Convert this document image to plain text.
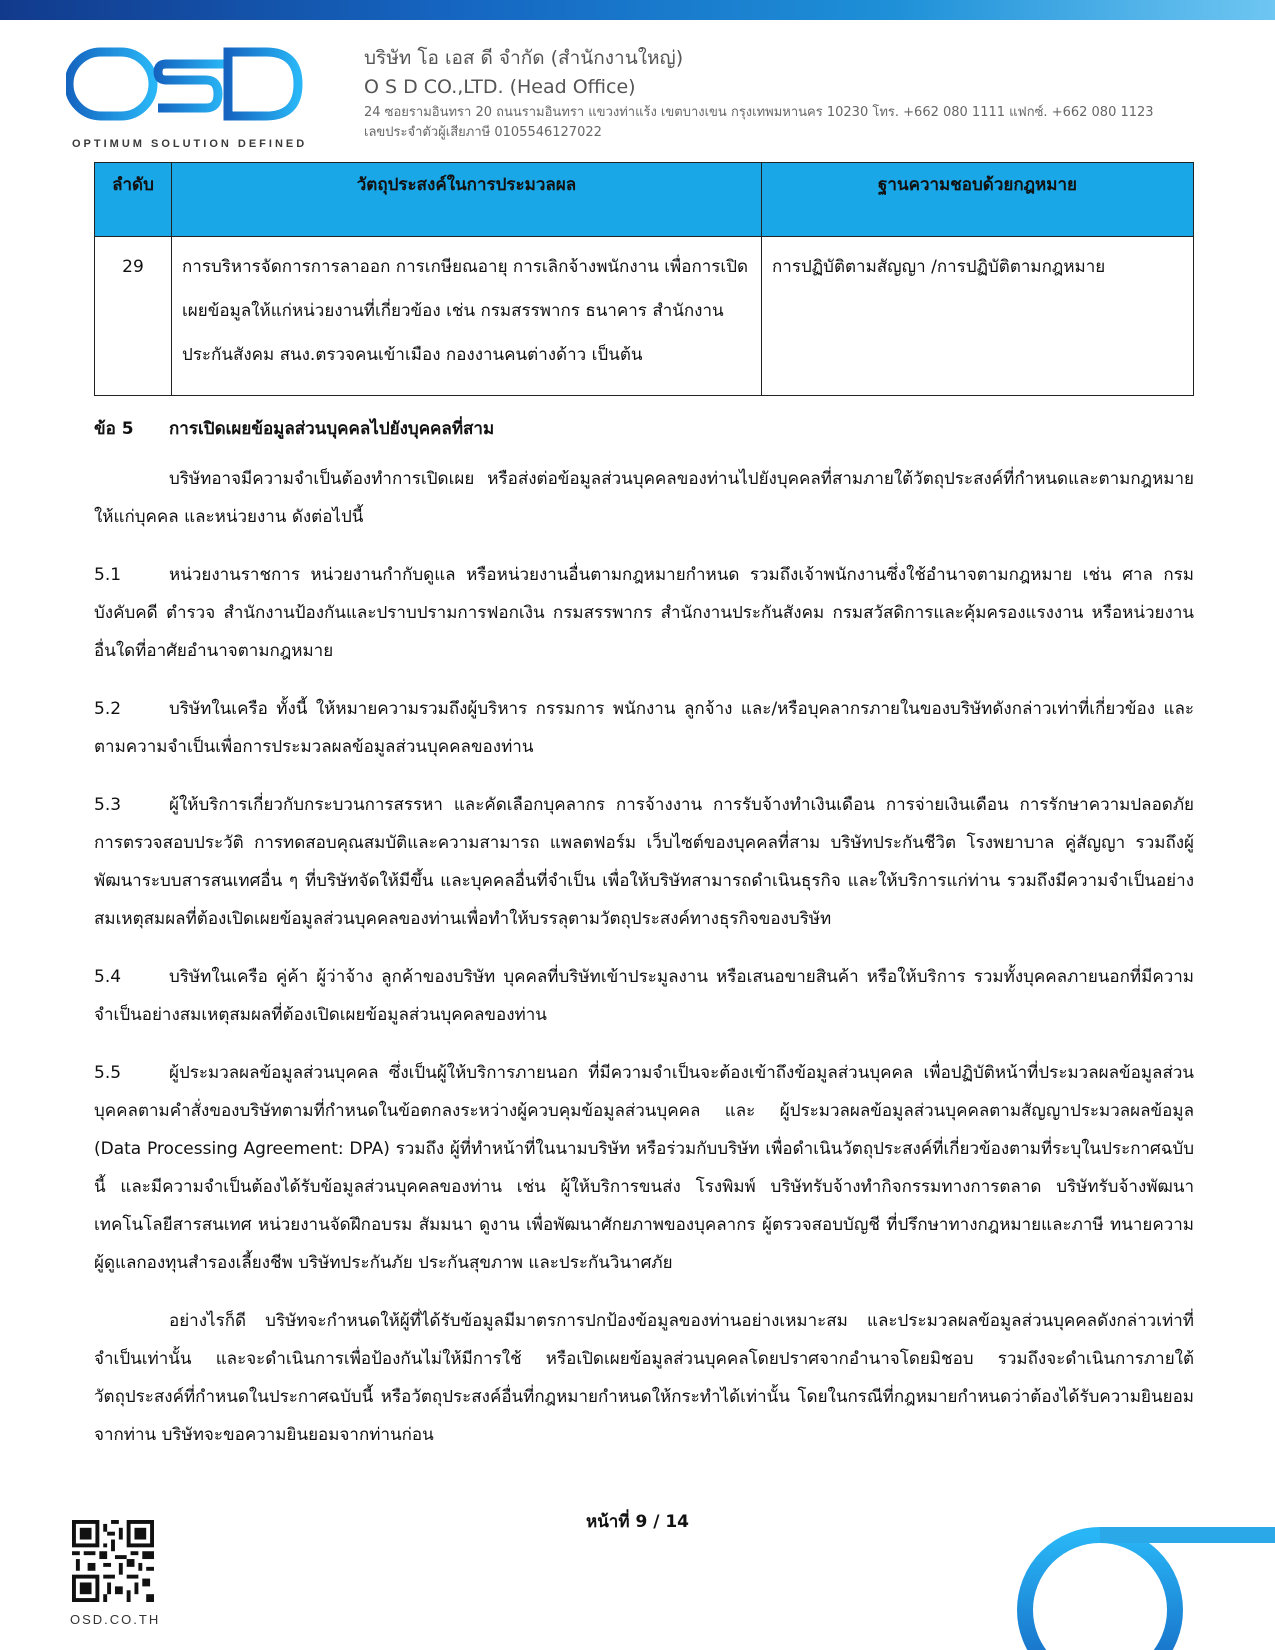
OPTIMUM SOLUTION DEFINED
บริษัท โอ เอส ดี จำกัด (สำนักงานใหญ่)
O S D CO.,LTD. (Head Office)
24 ซอยรามอินทรา 20 ถนนรามอินทรา แขวงท่าแร้ง เขตบางเขน กรุงเทพมหานคร 10230 โทร. +662 080 1111 แฟกซ์. +662 080 1123
เลขประจำตัวผู้เสียภาษี 0105546127022
ลำดับ	วัตถุประสงค์ในการประมวลผล	ฐานความชอบด้วยกฎหมาย
29	การบริหารจัดการการลาออก การเกษียณอายุ การเลิกจ้างพนักงาน เพื่อการเปิดเผยข้อมูลให้แก่หน่วยงานที่เกี่ยวข้อง เช่น กรมสรรพากร ธนาคาร สำนักงานประกันสังคม สนง.ตรวจคนเข้าเมือง กองงานคนต่างด้าว เป็นต้น	การปฏิบัติตามสัญญา /การปฏิบัติตามกฎหมาย
ข้อ 5 การเปิดเผยข้อมูลส่วนบุคคลไปยังบุคคลที่สาม

บริษัทอาจมีความจำเป็นต้องทำการเปิดเผย หรือส่งต่อข้อมูลส่วนบุคคลของท่านไปยังบุคคลที่สามภายใต้วัตถุประสงค์ที่กำหนดและตามกฎหมายให้แก่บุคคล และหน่วยงาน ดังต่อไปนี้

5.1	หน่วยงานราชการ หน่วยงานกำกับดูแล หรือหน่วยงานอื่นตามกฎหมายกำหนด รวมถึงเจ้าพนักงานซึ่งใช้อำนาจตามกฎหมาย เช่น ศาล กรมบังคับคดี ตำรวจ สำนักงานป้องกันและปราบปรามการฟอกเงิน กรมสรรพากร สำนักงานประกันสังคม กรมสวัสดิการและคุ้มครองแรงงาน หรือหน่วยงานอื่นใดที่อาศัยอำนาจตามกฎหมาย

5.2	บริษัทในเครือ ทั้งนี้ ให้หมายความรวมถึงผู้บริหาร กรรมการ พนักงาน ลูกจ้าง และ/หรือบุคลากรภายในของบริษัทดังกล่าวเท่าที่เกี่ยวข้อง และตามความจำเป็นเพื่อการประมวลผลข้อมูลส่วนบุคคลของท่าน

5.3	ผู้ให้บริการเกี่ยวกับกระบวนการสรรหา และคัดเลือกบุคลากร การจ้างงาน การรับจ้างทำเงินเดือน การจ่ายเงินเดือน การรักษาความปลอดภัย การตรวจสอบประวัติ การทดสอบคุณสมบัติและความสามารถ แพลตฟอร์ม เว็บไซต์ของบุคคลที่สาม บริษัทประกันชีวิต โรงพยาบาล คู่สัญญา รวมถึงผู้พัฒนาระบบสารสนเทศอื่น ๆ ที่บริษัทจัดให้มีขึ้น และบุคคลอื่นที่จำเป็น เพื่อให้บริษัทสามารถดำเนินธุรกิจ และให้บริการแก่ท่าน รวมถึงมีความจำเป็นอย่างสมเหตุสมผลที่ต้องเปิดเผยข้อมูลส่วนบุคคลของท่านเพื่อทำให้บรรลุตามวัตถุประสงค์ทางธุรกิจของบริษัท

5.4	บริษัทในเครือ คู่ค้า ผู้ว่าจ้าง ลูกค้าของบริษัท บุคคลที่บริษัทเข้าประมูลงาน หรือเสนอขายสินค้า หรือให้บริการ รวมทั้งบุคคลภายนอกที่มีความจำเป็นอย่างสมเหตุสมผลที่ต้องเปิดเผยข้อมูลส่วนบุคคลของท่าน

5.5	ผู้ประมวลผลข้อมูลส่วนบุคคล ซึ่งเป็นผู้ให้บริการภายนอก ที่มีความจำเป็นจะต้องเข้าถึงข้อมูลส่วนบุคคล เพื่อปฏิบัติหน้าที่ประมวลผลข้อมูลส่วนบุคคลตามคำสั่งของบริษัทตามที่กำหนดในข้อตกลงระหว่างผู้ควบคุมข้อมูลส่วนบุคคล และ ผู้ประมวลผลข้อมูลส่วนบุคคลตามสัญญาประมวลผลข้อมูล (Data Processing Agreement: DPA) รวมถึง ผู้ที่ทำหน้าที่ในนามบริษัท หรือร่วมกับบริษัท เพื่อดำเนินวัตถุประสงค์ที่เกี่ยวข้องตามที่ระบุในประกาศฉบับนี้ และมีความจำเป็นต้องได้รับข้อมูลส่วนบุคคลของท่าน เช่น ผู้ให้บริการขนส่ง โรงพิมพ์ บริษัทรับจ้างทำกิจกรรมทางการตลาด บริษัทรับจ้างพัฒนาเทคโนโลยีสารสนเทศ หน่วยงานจัดฝึกอบรม สัมมนา ดูงาน เพื่อพัฒนาศักยภาพของบุคลากร ผู้ตรวจสอบบัญชี ที่ปรึกษาทางกฎหมายและภาษี ทนายความ ผู้ดูแลกองทุนสำรองเลี้ยงชีพ บริษัทประกันภัย ประกันสุขภาพ และประกันวินาศภัย

อย่างไรก็ดี บริษัทจะกำหนดให้ผู้ที่ได้รับข้อมูลมีมาตรการปกป้องข้อมูลของท่านอย่างเหมาะสม และประมวลผลข้อมูลส่วนบุคคลดังกล่าวเท่าที่จำเป็นเท่านั้น และจะดำเนินการเพื่อป้องกันไม่ให้มีการใช้ หรือเปิดเผยข้อมูลส่วนบุคคลโดยปราศจากอำนาจโดยมิชอบ รวมถึงจะดำเนินการภายใต้วัตถุประสงค์ที่กำหนดในประกาศฉบับนี้ หรือวัตถุประสงค์อื่นที่กฎหมายกำหนดให้กระทำได้เท่านั้น โดยในกรณีที่กฎหมายกำหนดว่าต้องได้รับความยินยอมจากท่าน บริษัทจะขอความยินยอมจากท่านก่อน

หน้าที่ 9 / 14
OSD.CO.TH
